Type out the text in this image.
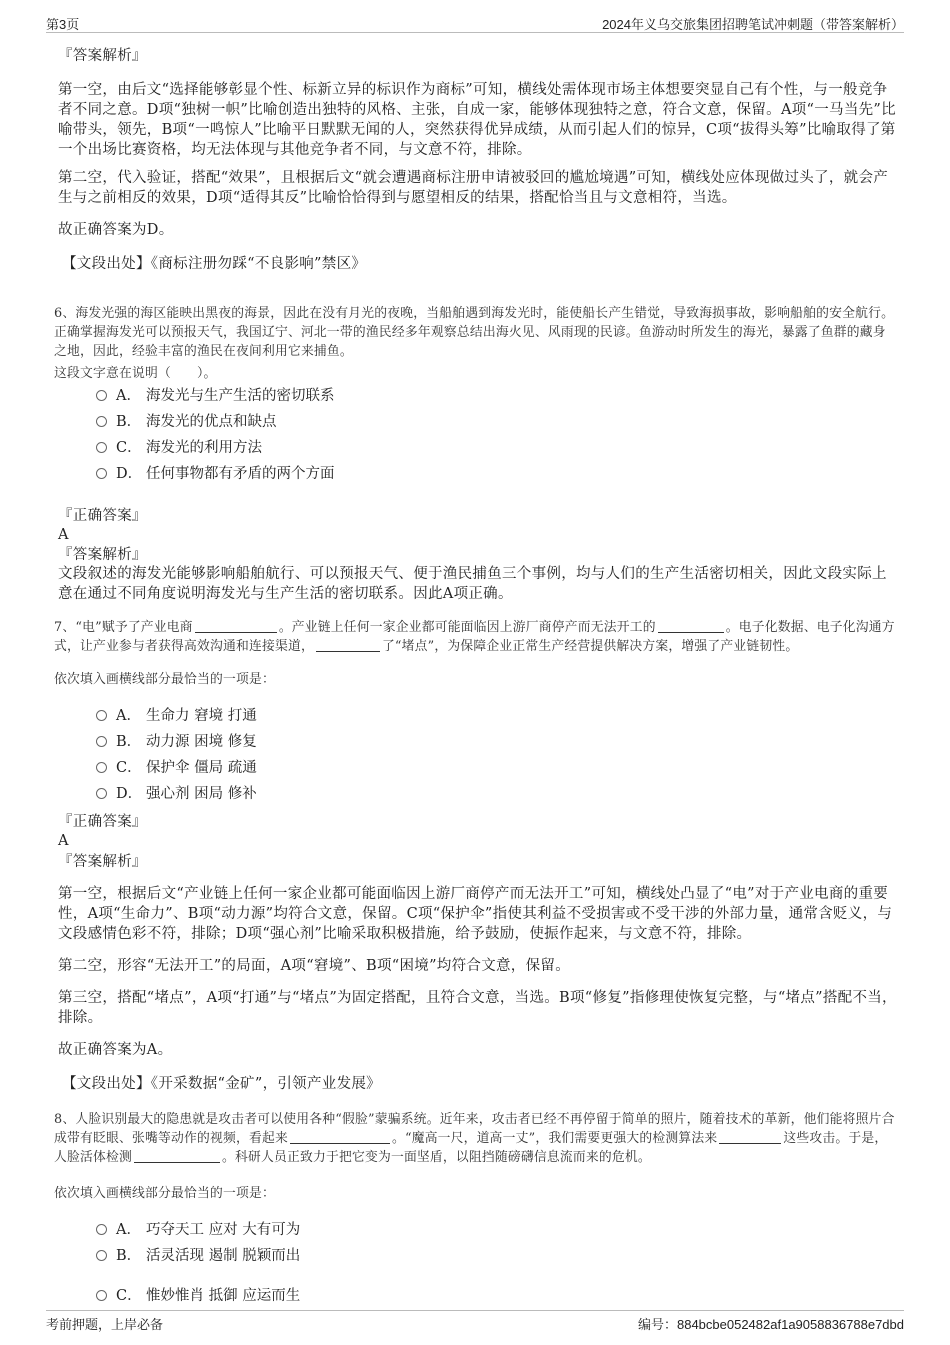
第3页	2024年义乌交旅集团招聘笔试冲刺题（带答案解析）
『答案解析』
第一空，由后文“选择能够彰显个性、标新立异的标识作为商标”可知，横线处需体现市场主体想要突显自己有个性，与一般竞争者不同之意。D项“独树一帜”比喻创造出独特的风格、主张，自成一家，能够体现独特之意，符合文意，保留。A项“一马当先”比喻带头，领先，B项“一鸣惊人”比喻平日默默无闻的人，突然获得优异成绩，从而引起人们的惊异，C项“拔得头筹”比喻取得了第一个出场比赛资格，均无法体现与其他竞争者不同，与文意不符，排除。
第二空，代入验证，搭配“效果”，且根据后文“就会遭遇商标注册申请被驳回的尴尬境遇”可知，横线处应体现做过头了，就会产生与之前相反的效果，D项“适得其反”比喻恰恰得到与愿望相反的结果，搭配恰当且与文意相符，当选。
故正确答案为D。
【文段出处】《商标注册勿踩“不良影响”禁区》
6、海发光强的海区能映出黑夜的海景，因此在没有月光的夜晚，当船舶遇到海发光时，能使船长产生错觉，导致海损事故，影响船舶的安全航行。正确掌握海发光可以预报天气，我国辽宁、河北一带的渔民经多年观察总结出海火见、风雨现的民谚。鱼游动时所发生的海光，暴露了鱼群的藏身之地，因此，经验丰富的渔民在夜间利用它来捕鱼。
这段文字意在说明（　　）。
A． 海发光与生产生活的密切联系
B． 海发光的优点和缺点
C． 海发光的利用方法
D． 任何事物都有矛盾的两个方面
『正确答案』
A
『答案解析』
文段叙述的海发光能够影响船舶航行、可以预报天气、便于渔民捕鱼三个事例，均与人们的生产生活密切相关，因此文段实际上意在通过不同角度说明海发光与生产生活的密切联系。因此A项正确。
7、“电”赋予了产业电商	。产业链上任何一家企业都可能面临因上游厂商停产而无法开工的	。电子化数据、电子化沟通方式，让产业参与者获得高效沟通和连接渠道，	了“堵点”，为保障企业正常生产经营提供解决方案，增强了产业链韧性。
依次填入画横线部分最恰当的一项是：
A． 生命力 窘境 打通
B． 动力源 困境 修复
C． 保护伞 僵局 疏通
D． 强心剂 困局 修补
『正确答案』
A
『答案解析』
第一空，根据后文“产业链上任何一家企业都可能面临因上游厂商停产而无法开工”可知，横线处凸显了“电”对于产业电商的重要性，A项“生命力”、B项“动力源”均符合文意，保留。C项“保护伞”指使其利益不受损害或不受干涉的外部力量，通常含贬义，与文段感情色彩不符，排除；D项“强心剂”比喻采取积极措施，给予鼓励，使振作起来，与文意不符，排除。
第二空，形容“无法开工”的局面，A项“窘境”、B项“困境”均符合文意，保留。
第三空，搭配“堵点”，A项“打通”与“堵点”为固定搭配，且符合文意，当选。B项“修复”指修理使恢复完整，与“堵点”搭配不当，排除。
故正确答案为A。
【文段出处】《开采数据“金矿”，引领产业发展》
8、人脸识别最大的隐患就是攻击者可以使用各种“假脸”蒙骗系统。近年来，攻击者已经不再停留于简单的照片，随着技术的革新，他们能将照片合成带有眨眼、张嘴等动作的视频，看起来	。“魔高一尺，道高一丈”，我们需要更强大的检测算法来	这些攻击。于是，人脸活体检测	。科研人员正致力于把它变为一面坚盾，以阻挡随磅礴信息流而来的危机。
依次填入画横线部分最恰当的一项是：
A． 巧夺天工 应对 大有可为
B． 活灵活现 遏制 脱颖而出
C． 惟妙惟肖 抵御 应运而生
考前押题，上岸必备	编号：884bcbe052482af1a9058836788e7dbd
